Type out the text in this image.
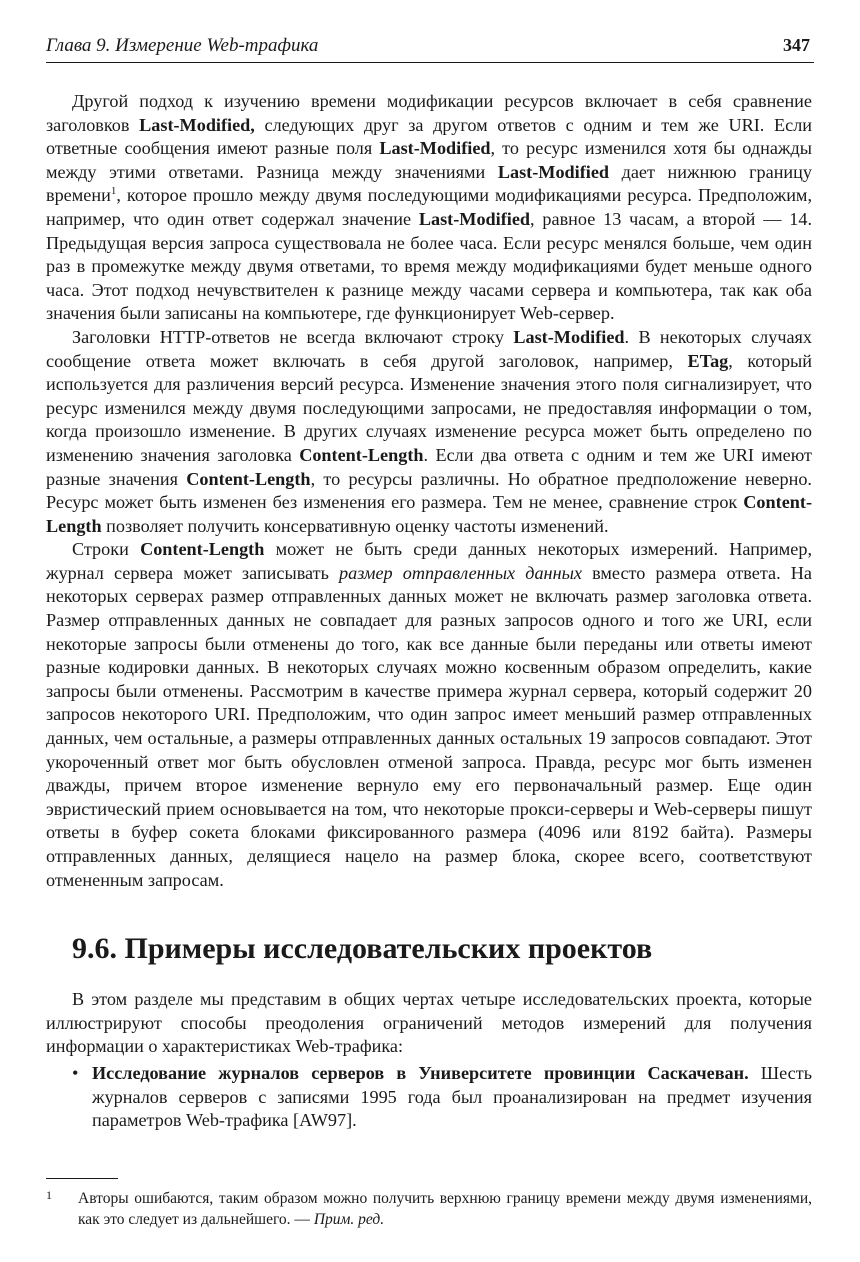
Глава 9. Измерение Web-трафика	347

Другой подход к изучению времени модификации ресурсов включает в себя сравнение заголовков Last-Modified, следующих друг за другом ответов с одним и тем же URI. Если ответные сообщения имеют разные поля Last-Modified, то ресурс изменился хотя бы однажды между этими ответами. Разница между значениями Last-Modified дает нижнюю границу времени$^1$, которое прошло между двумя последующими модификациями ресурса. Предположим, например, что один ответ содержал значение Last-Modified, равное 13 часам, а второй — 14. Предыдущая версия запроса существовала не более часа. Если ресурс менялся больше, чем один раз в промежутке между двумя ответами, то время между модификациями будет меньше одного часа. Этот подход нечувствителен к разнице между часами сервера и компьютера, так как оба значения были записаны на компьютере, где функционирует Web-сервер.

Заголовки HTTP-ответов не всегда включают строку Last-Modified. В некоторых случаях сообщение ответа может включать в себя другой заголовок, например, ETag, который используется для различения версий ресурса. Изменение значения этого поля сигнализирует, что ресурс изменился между двумя последующими запросами, не предоставляя информации о том, когда произошло изменение. В других случаях изменение ресурса может быть определено по изменению значения заголовка Content-Length. Если два ответа с одним и тем же URI имеют разные значения Content-Length, то ресурсы различны. Но обратное предположение неверно. Ресурс может быть изменен без изменения его размера. Тем не менее, сравнение строк Content-Length позволяет получить консервативную оценку частоты изменений.

Строки Content-Length может не быть среди данных некоторых измерений. Например, журнал сервера может записывать размер отправленных данных вместо размера ответа. На некоторых серверах размер отправленных данных может не включать размер заголовка ответа. Размер отправленных данных не совпадает для разных запросов одного и того же URI, если некоторые запросы были отменены до того, как все данные были переданы или ответы имеют разные кодировки данных. В некоторых случаях можно косвенным образом определить, какие запросы были отменены. Рассмотрим в качестве примера журнал сервера, который содержит 20 запросов некоторого URI. Предположим, что один запрос имеет меньший размер отправленных данных, чем остальные, а размеры отправленных данных остальных 19 запросов совпадают. Этот укороченный ответ мог быть обусловлен отменой запроса. Правда, ресурс мог быть изменен дважды, причем второе изменение вернуло ему его первоначальный размер. Еще один эвристический прием основывается на том, что некоторые прокси-серверы и Web-серверы пишут ответы в буфер сокета блоками фиксированного размера (4096 или 8192 байта). Размеры отправленных данных, делящиеся нацело на размер блока, скорее всего, соответствуют отмененным запросам.

9.6. Примеры исследовательских проектов

В этом разделе мы представим в общих чертах четыре исследовательских проекта, которые иллюстрируют способы преодоления ограничений методов измерений для получения информации о характеристиках Web-трафика:

• Исследование журналов серверов в Университете провинции Саскачеван. Шесть журналов серверов с записями 1995 года был проанализирован на предмет изучения параметров Web-трафика [AW97].
1 Авторы ошибаются, таким образом можно получить верхнюю границу времени между двумя изменениями, как это следует из дальнейшего. — Прим. ред.
